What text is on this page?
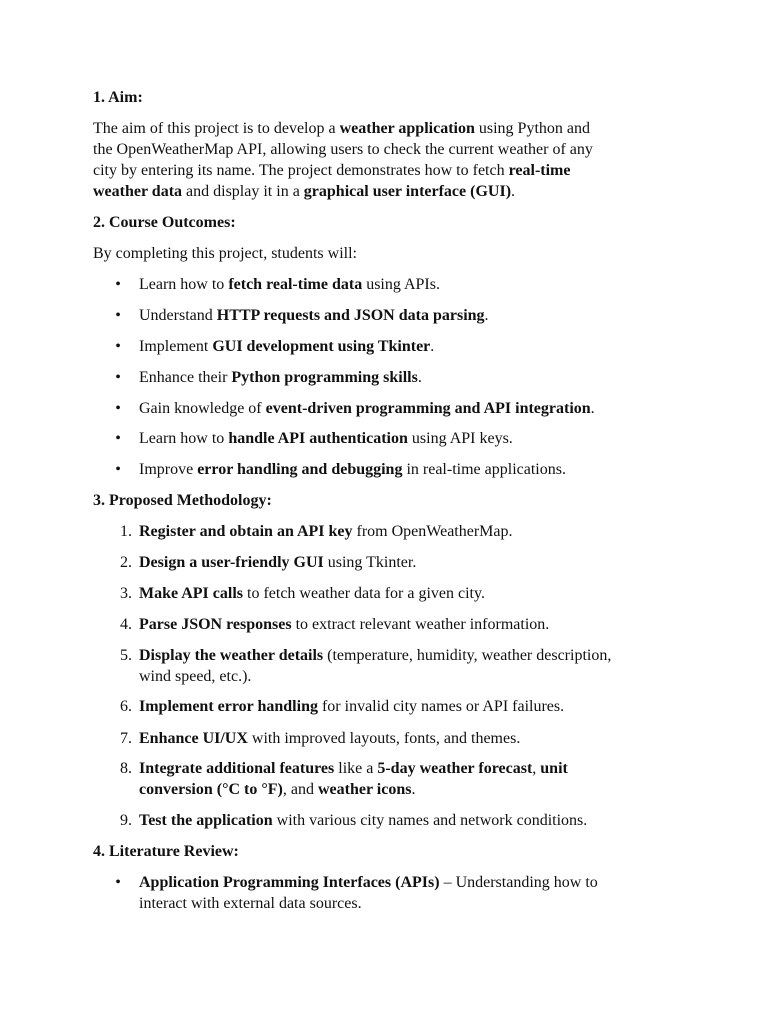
1. Aim:

The aim of this project is to develop a weather application using Python and

the OpenWeatherMap API, allowing users to check the current weather of any

city by entering its name. The project demonstrates how to fetch real-time

weather data and display it in a graphical user interface (GUI).

2. Course Outcomes:

By completing this project, students will:

•	Learn how to fetch real-time data using APIs.

•	Understand HTTP requests and JSON data parsing.

•	Implement GUI development using Tkinter.

•	Enhance their Python programming skills.

•	Gain knowledge of event-driven programming and API integration.

•	Learn how to handle API authentication using API keys.

•	Improve error handling and debugging in real-time applications.

3. Proposed Methodology:

1. Register and obtain an API key from OpenWeatherMap.

2. Design a user-friendly GUI using Tkinter.

3. Make API calls to fetch weather data for a given city.

4. Parse JSON responses to extract relevant weather information.

5. Display the weather details (temperature, humidity, weather description,

wind speed, etc.).

6. Implement error handling for invalid city names or API failures.

7. Enhance UI/UX with improved layouts, fonts, and themes.

8. Integrate additional features like a 5-day weather forecast, unit

conversion (°C to °F), and weather icons.

9. Test the application with various city names and network conditions.

4. Literature Review:

•	Application Programming Interfaces (APIs) – Understanding how to

interact with external data sources.
